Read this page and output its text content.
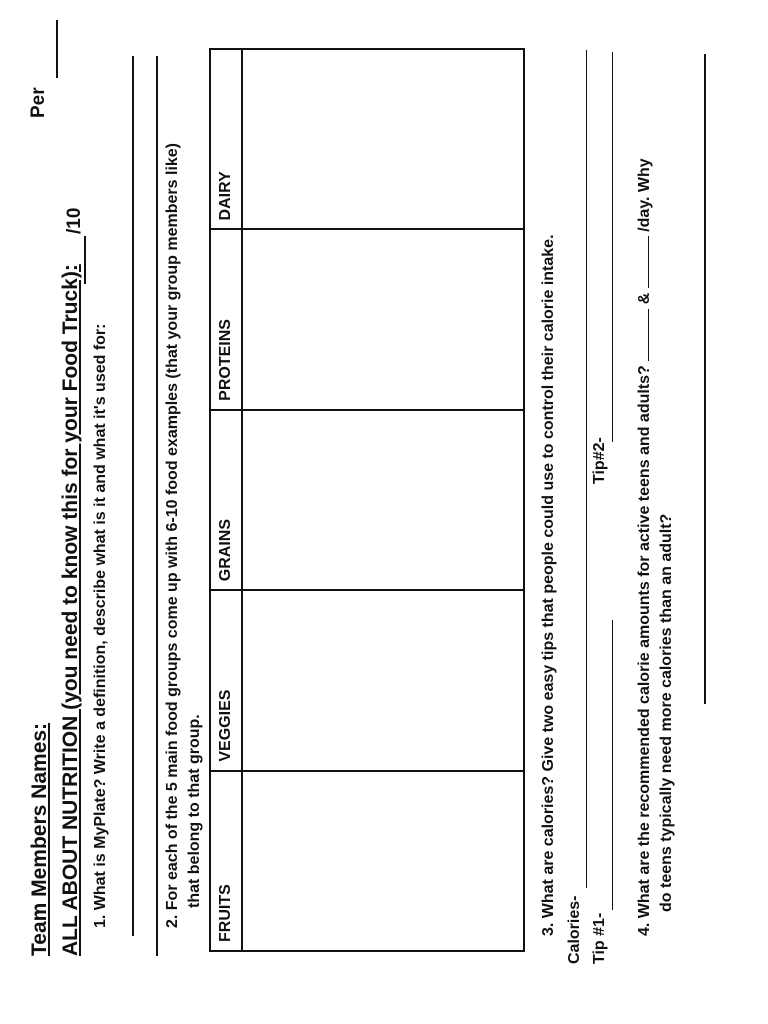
Team Members Names:
Per
ALL ABOUT NUTRITION (you need to know this for your Food Truck):
/10
1. What is MyPlate? Write a definition, describe what is it and what it's used for:	2. For each of the 5 main food groups come up with 6-10 food examples (that your group members like) that belong to that group.
FRUITS	VEGGIES	GRAINS	PROTEINS	DAIRY

3. What are calories? Give two easy tips that people could use to control their calorie intake. Calories- Tip #1-
Tip#2- 4. What are the recommended calorie amounts for active teens and adults?  &  /day. Why
do teens typically need more calories than an adult?
